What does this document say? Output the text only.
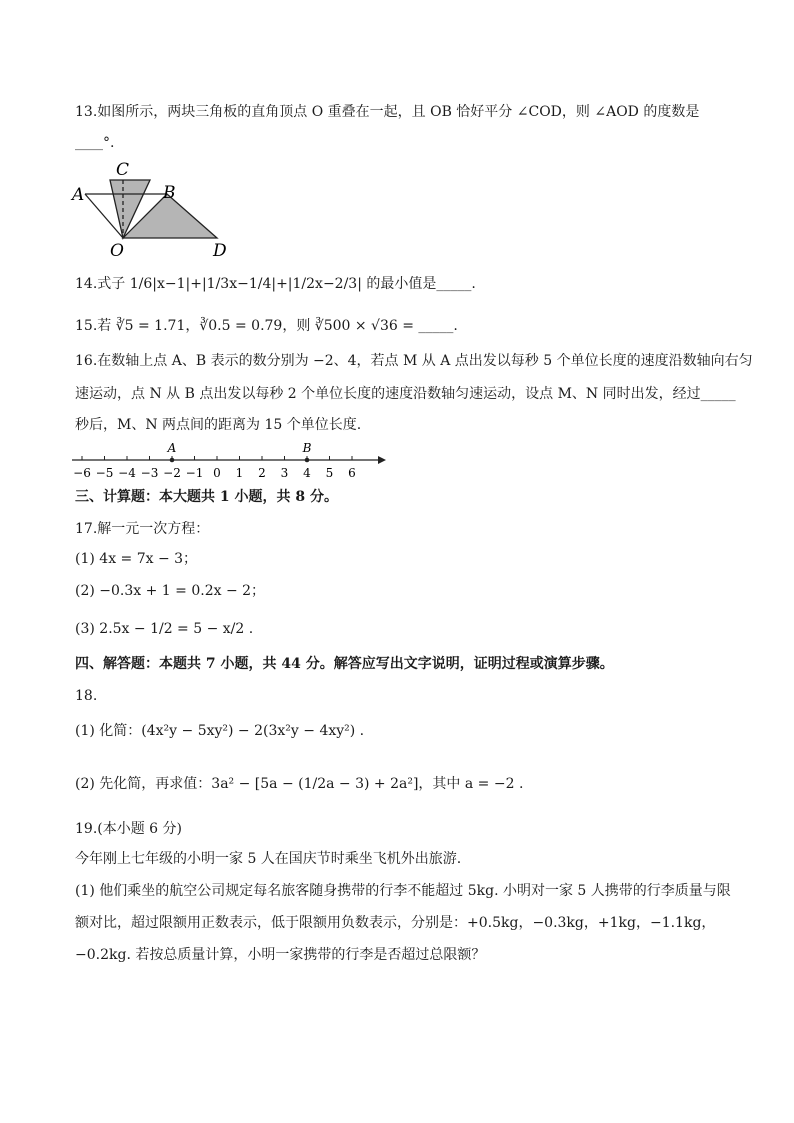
13.如图所示，两块三角板的直角顶点 O 重叠在一起，且 OB 恰好平分 ∠COD，则 ∠AOD 的度数是
____°.
C
A	B
O	D
14.式子 1/6|x−1|+|1/3x−1/4|+|1/2x−2/3| 的最小值是_____.
15.若 ∛5 = 1.71，∛0.5 = 0.79，则 ∛500 × √36 = _____.
16.在数轴上点 A、B 表示的数分别为 −2、4，若点 M 从 A 点出发以每秒 5 个单位长度的速度沿数轴向右匀
速运动，点 N 从 B 点出发以每秒 2 个单位长度的速度沿数轴匀速运动，设点 M、N 同时出发，经过_____
秒后，M、N 两点间的距离为 15 个单位长度.
−6 −5 −4 −3 −2 −1 0 1 2 3 4 5 6
A	B
三、计算题：本大题共 1 小题，共 8 分。
17.解一元一次方程：
(1) 4x = 7x − 3；
(2) −0.3x + 1 = 0.2x − 2；
(3) 2.5x − 1/2 = 5 − x/2 .
四、解答题：本题共 7 小题，共 44 分。解答应写出文字说明，证明过程或演算步骤。
18.
(1) 化简：(4x²y − 5xy²) − 2(3x²y − 4xy²) .
(2) 先化简，再求值：3a² − [5a − (1/2a − 3) + 2a²]，其中 a = −2 .
19.(本小题 6 分)
今年刚上七年级的小明一家 5 人在国庆节时乘坐飞机外出旅游.
(1) 他们乘坐的航空公司规定每名旅客随身携带的行李不能超过 5kg. 小明对一家 5 人携带的行李质量与限
额对比，超过限额用正数表示，低于限额用负数表示，分别是：+0.5kg，−0.3kg，+1kg，−1.1kg，
−0.2kg. 若按总质量计算，小明一家携带的行李是否超过总限额？
